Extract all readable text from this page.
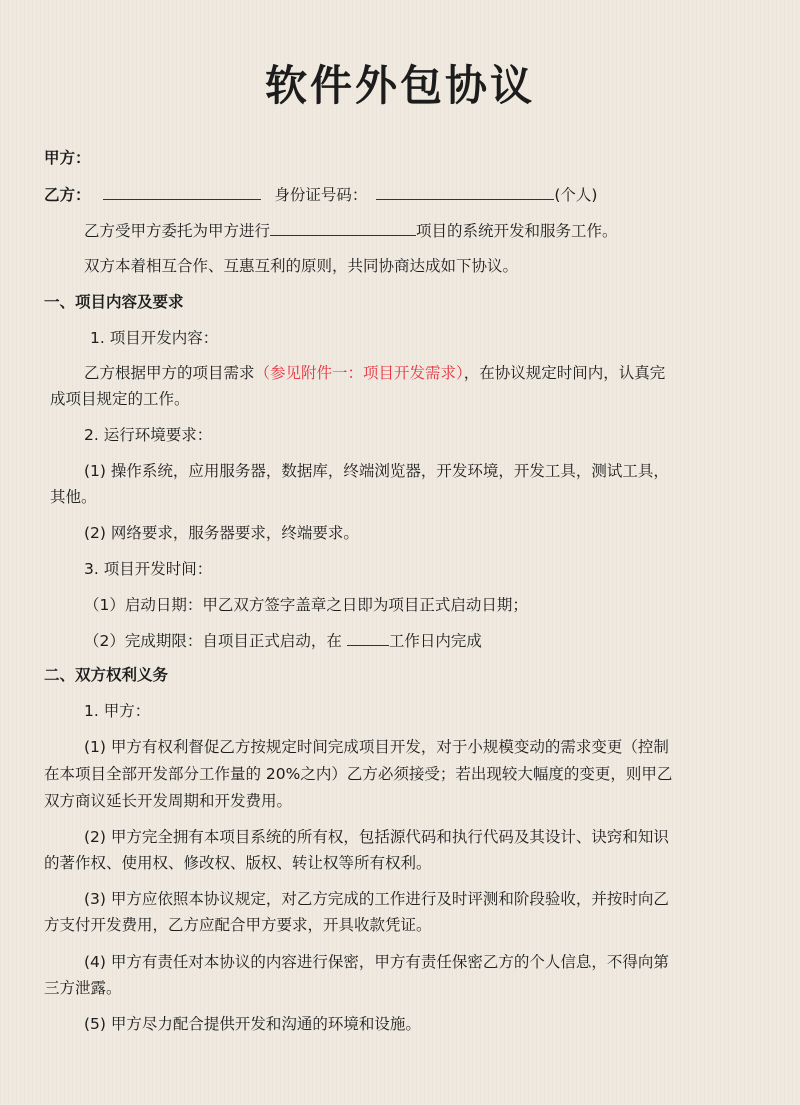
软件外包协议

甲方：

乙方：	身份证号码：	(个人)

乙方受甲方委托为甲方进行	项目的系统开发和服务工作。

双方本着相互合作、互惠互利的原则，共同协商达成如下协议。

一、项目内容及要求

1. 项目开发内容：

乙方根据甲方的项目需求（参见附件一：项目开发需求），在协议规定时间内，认真完

成项目规定的工作。

2. 运行环境要求：

(1) 操作系统，应用服务器，数据库，终端浏览器，开发环境，开发工具，测试工具，

其他。

(2) 网络要求，服务器要求，终端要求。

3. 项目开发时间：

（1）启动日期：甲乙双方签字盖章之日即为项目正式启动日期；

（2）完成期限：自项目正式启动，在	工作日内完成

二、双方权利义务

1. 甲方：

(1) 甲方有权利督促乙方按规定时间完成项目开发，对于小规模变动的需求变更（控制

在本项目全部开发部分工作量的 20%之内）乙方必须接受；若出现较大幅度的变更，则甲乙

双方商议延长开发周期和开发费用。

(2) 甲方完全拥有本项目系统的所有权，包括源代码和执行代码及其设计、诀窍和知识

的著作权、使用权、修改权、版权、转让权等所有权利。

(3) 甲方应依照本协议规定，对乙方完成的工作进行及时评测和阶段验收，并按时向乙

方支付开发费用，乙方应配合甲方要求，开具收款凭证。

(4) 甲方有责任对本协议的内容进行保密，甲方有责任保密乙方的个人信息，不得向第

三方泄露。

(5) 甲方尽力配合提供开发和沟通的环境和设施。
